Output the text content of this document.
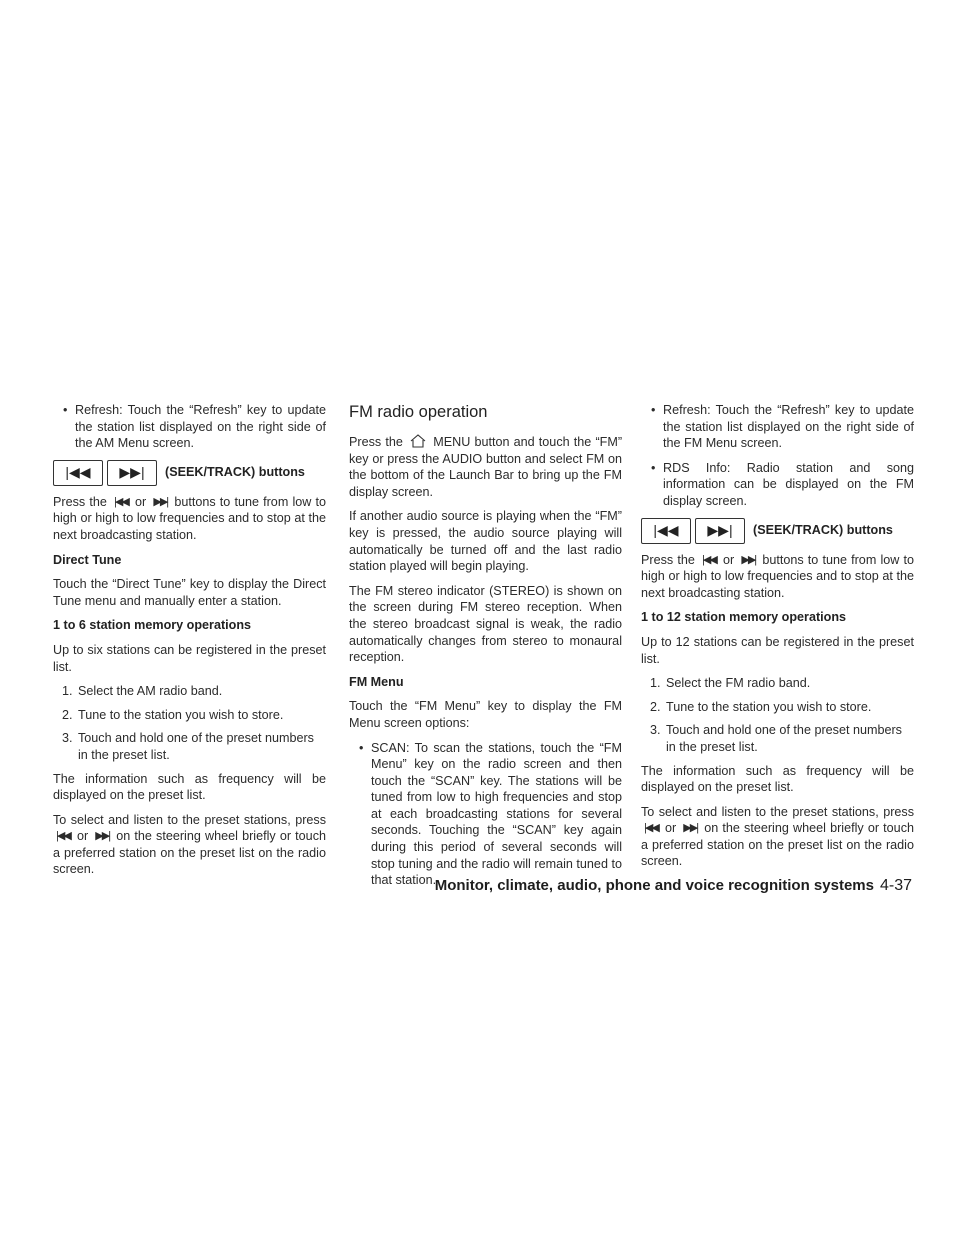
• Refresh: Touch the “Refresh” key to update the station list displayed on the right side of the AM Menu screen.
|◀◀	▶▶|	(SEEK/TRACK) buttons

Press the |◀◀ or ▶▶| buttons to tune from low to high or high to low frequencies and to stop at the next broadcasting station.

Direct Tune

Touch the “Direct Tune” key to display the Direct Tune menu and manually enter a station.

1 to 6 station memory operations

Up to six stations can be registered in the preset list.

1. Select the AM radio band.
2. Tune to the station you wish to store.
3. Touch and hold one of the preset numbers in the preset list.

The information such as frequency will be displayed on the preset list.

To select and listen to the preset stations, press |◀◀ or ▶▶| on the steering wheel briefly or touch a preferred station on the preset list on the radio screen.

FM radio operation

Press the MENU button and touch the “FM” key or press the AUDIO button and select FM on the bottom of the Launch Bar to bring up the FM display screen.

If another audio source is playing when the “FM” key is pressed, the audio source playing will automatically be turned off and the last radio station played will begin playing.

The FM stereo indicator (STEREO) is shown on the screen during FM stereo reception. When the stereo broadcast signal is weak, the radio automatically changes from stereo to monaural reception.

FM Menu

Touch the “FM Menu” key to display the FM Menu screen options:

• SCAN: To scan the stations, touch the “FM Menu” key on the radio screen and then touch the “SCAN” key. The stations will be tuned from low to high frequencies and stop at each broadcasting stations for several seconds. Touching the “SCAN” key again during this period of several seconds will stop tuning and the radio will remain tuned to that station.
• Refresh: Touch the “Refresh” key to update the station list displayed on the right side of the FM Menu screen.
• RDS Info: Radio station and song information can be displayed on the FM display screen.
|◀◀	▶▶|	(SEEK/TRACK) buttons

Press the |◀◀ or ▶▶| buttons to tune from low to high or high to low frequencies and to stop at the next broadcasting station.

1 to 12 station memory operations

Up to 12 stations can be registered in the preset list.

1. Select the FM radio band.
2. Tune to the station you wish to store.
3. Touch and hold one of the preset numbers in the preset list.

The information such as frequency will be displayed on the preset list.

To select and listen to the preset stations, press |◀◀ or ▶▶| on the steering wheel briefly or touch a preferred station on the preset list on the radio screen.

Monitor, climate, audio, phone and voice recognition systems 4-37
